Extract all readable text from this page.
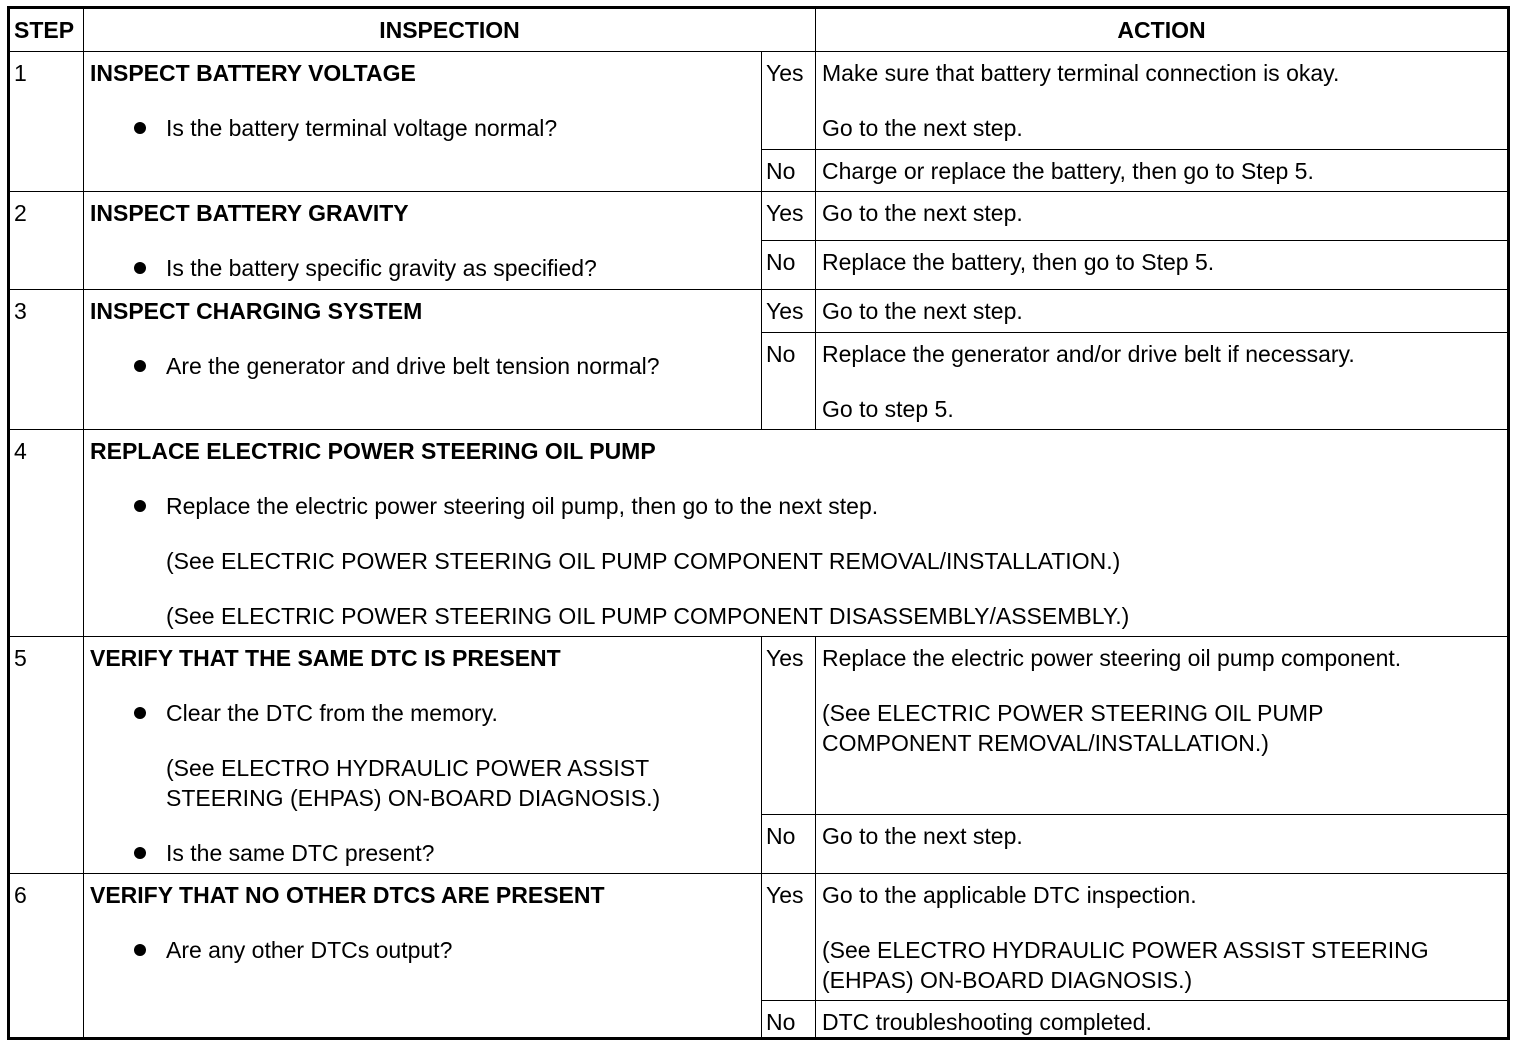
STEP	INSPECTION		ACTION
1	INSPECT BATTERY VOLTAGE
Is the battery terminal voltage normal?	Yes	Make sure that battery terminal connection is okay.
Go to the next step.

		No	Charge or replace the battery, then go to Step 5.
2	INSPECT BATTERY GRAVITY
Is the battery specific gravity as specified?	Yes	Go to the next step.
		No	Replace the battery, then go to Step 5.
3	INSPECT CHARGING SYSTEM
Are the generator and drive belt tension normal?	Yes	Go to the next step.
		No	Replace the generator and/or drive belt if necessary.
Go to step 5.

4	REPLACE ELECTRIC POWER STEERING OIL PUMP
Replace the electric power steering oil pump, then go to the next step.
(See ELECTRIC POWER STEERING OIL PUMP COMPONENT REMOVAL/INSTALLATION.)
(See ELECTRIC POWER STEERING OIL PUMP COMPONENT DISASSEMBLY/ASSEMBLY.)		

5	VERIFY THAT THE SAME DTC IS PRESENT
Clear the DTC from the memory.
(See ELECTRO HYDRAULIC POWER ASSIST
STEERING (EHPAS) ON-BOARD DIAGNOSIS.)
Is the same DTC present?	Yes	Replace the electric power steering oil pump component.
(See ELECTRIC POWER STEERING OIL PUMP
COMPONENT REMOVAL/INSTALLATION.)

		No	Go to the next step.
6	VERIFY THAT NO OTHER DTCS ARE PRESENT
Are any other DTCs output?	Yes	Go to the applicable DTC inspection.
(See ELECTRO HYDRAULIC POWER ASSIST STEERING
(EHPAS) ON-BOARD DIAGNOSIS.)

		No	DTC troubleshooting completed.
